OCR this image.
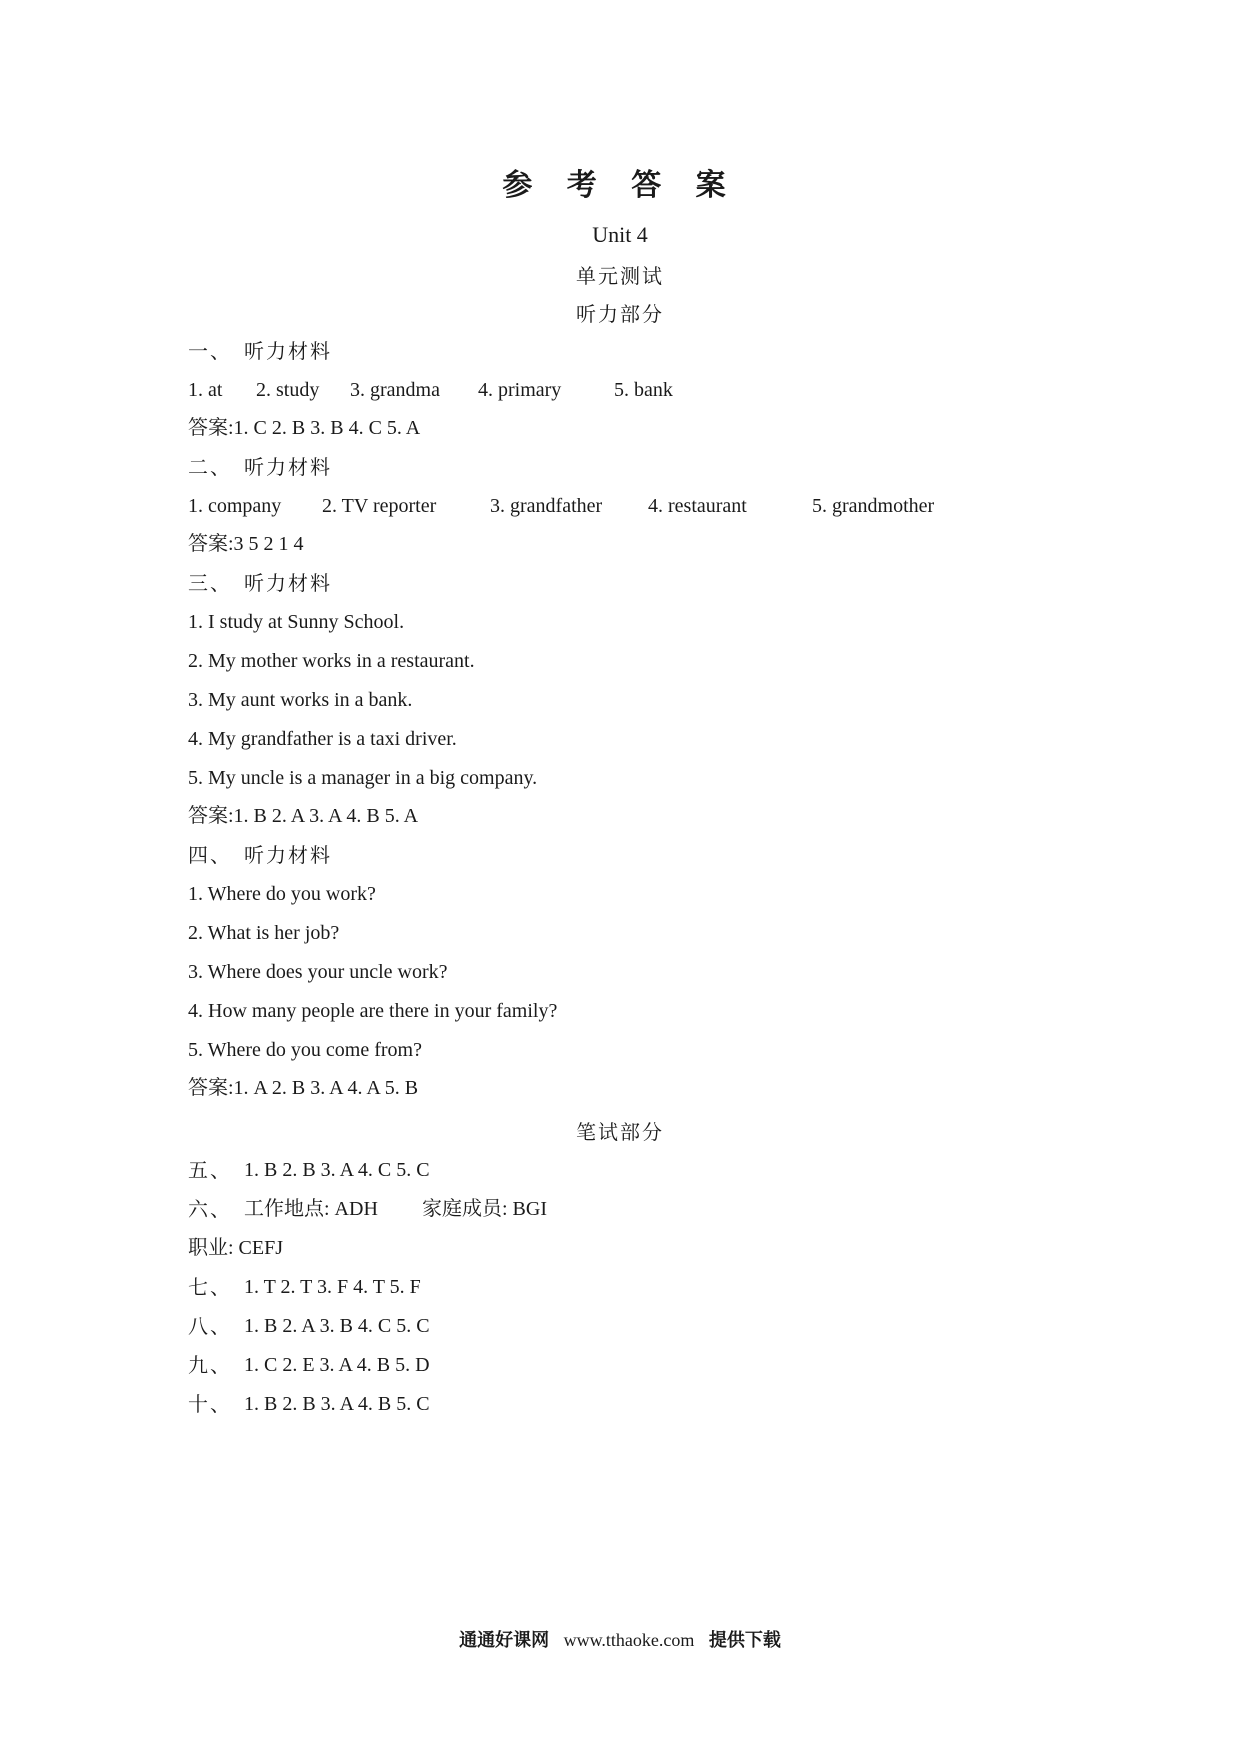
参 考 答 案
Unit 4
单元测试
听力部分
一、 听力材料
1. at 2. study 3. grandma 4. primary	5. bank
答案:1. C 2. B 3. B 4. C 5. A
二、 听力材料
1. company 2. TV reporter	3. grandfather 4. restaurant	5. grandmother
答案:3 5 2 1 4
三、 听力材料
1. I study at Sunny School.
2. My mother works in a restaurant.
3. My aunt works in a bank.
4. My grandfather is a taxi driver.
5. My uncle is a manager in a big company.
答案:1. B 2. A 3. A 4. B 5. A
四、 听力材料
1. Where do you work?
2. What is her job?
3. Where does your uncle work?
4. How many people are there in your family?
5. Where do you come from?
答案:1. A 2. B 3. A 4. A 5. B
笔试部分
五、 1. B 2. B 3. A 4. C 5. C
六、 工作地点: ADH 家庭成员: BGI
职业: CEFJ
七、 1. T 2. T 3. F 4. T 5. F
八、 1. B 2. A 3. B 4. C 5. C
九、 1. C 2. E 3. A 4. B 5. D
十、 1. B 2. B 3. A 4. B 5. C
通通好课网 www.tthaoke.com 提供下载
